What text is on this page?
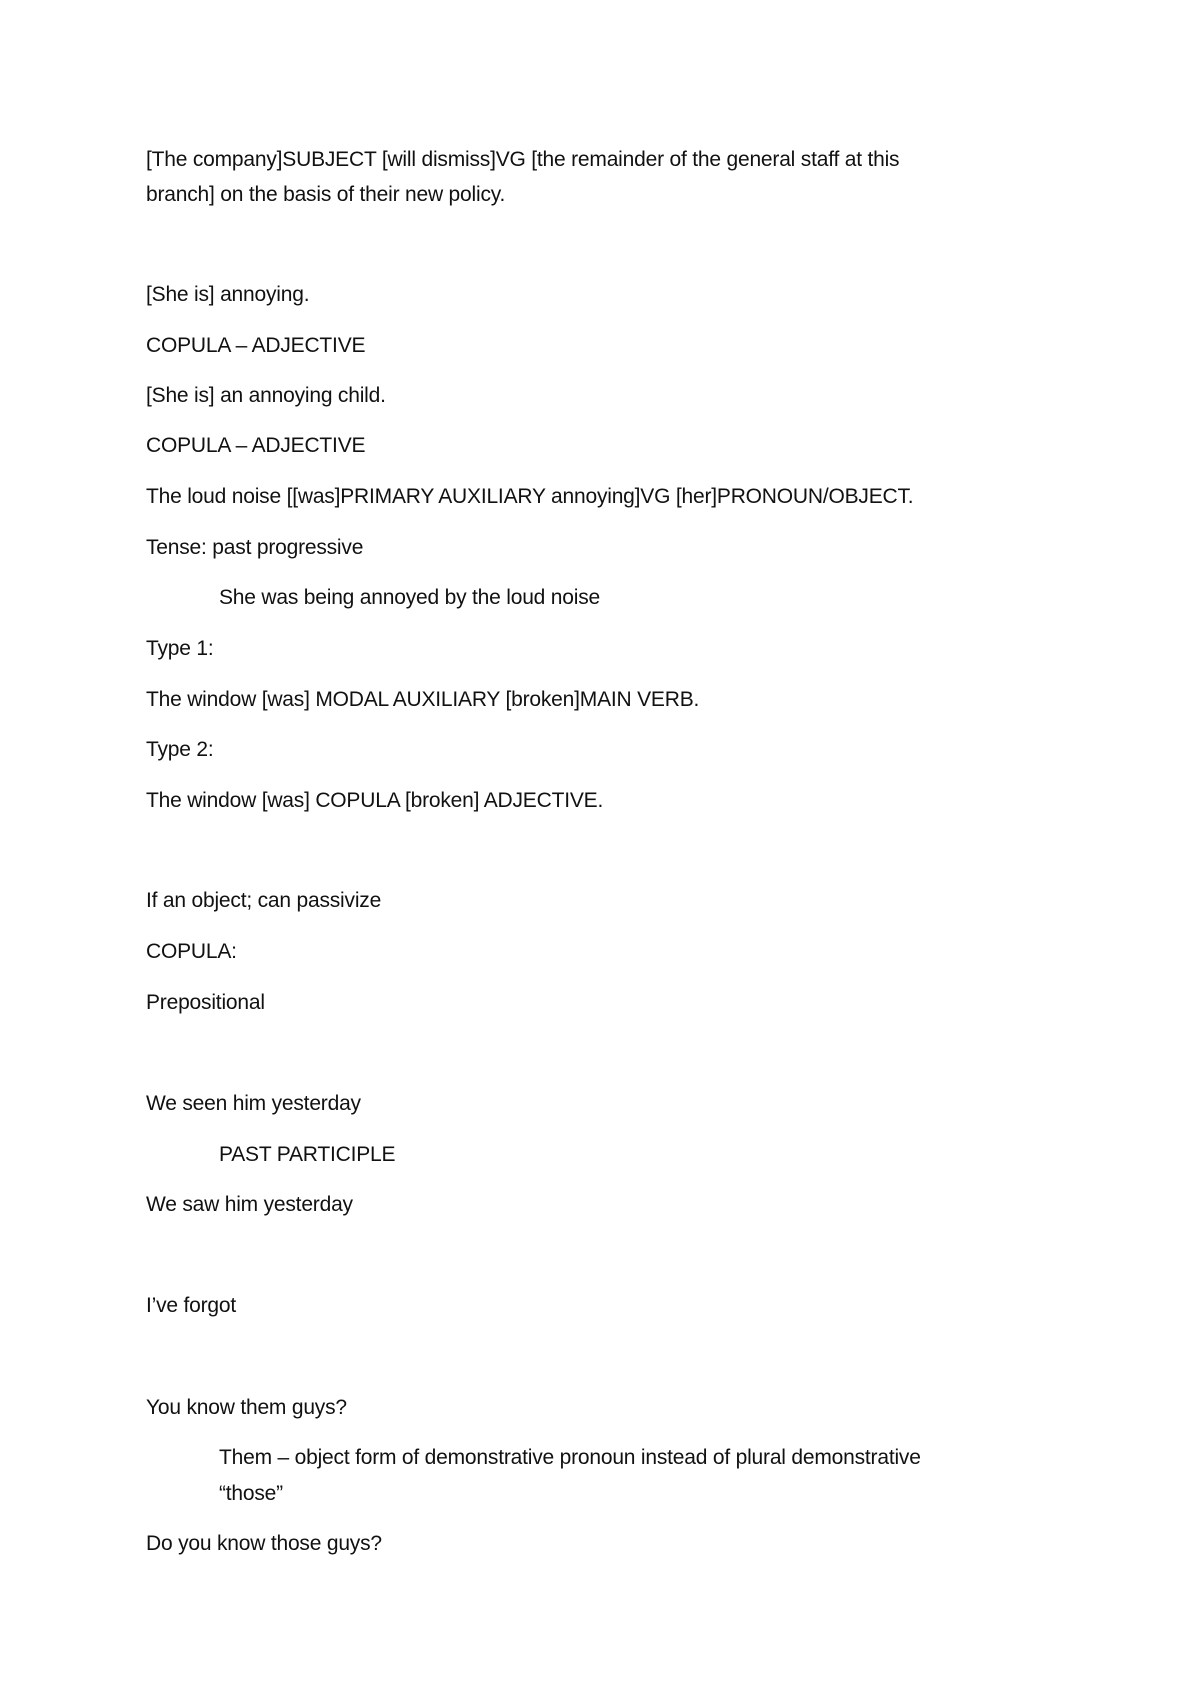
[The company]SUBJECT [will dismiss]VG [the remainder of the general staff at this
branch] on the basis of their new policy.
[She is] annoying.
COPULA – ADJECTIVE
[She is] an annoying child.
COPULA – ADJECTIVE
The loud noise [[was]PRIMARY AUXILIARY annoying]VG [her]PRONOUN/OBJECT.
Tense: past progressive
She was being annoyed by the loud noise
Type 1:
The window [was] MODAL AUXILIARY [broken]MAIN VERB.
Type 2:
The window [was] COPULA [broken] ADJECTIVE.
If an object; can passivize
COPULA:
Prepositional
We seen him yesterday
PAST PARTICIPLE
We saw him yesterday
I’ve forgot
You know them guys?
Them – object form of demonstrative pronoun instead of plural demonstrative
“those”
Do you know those guys?
